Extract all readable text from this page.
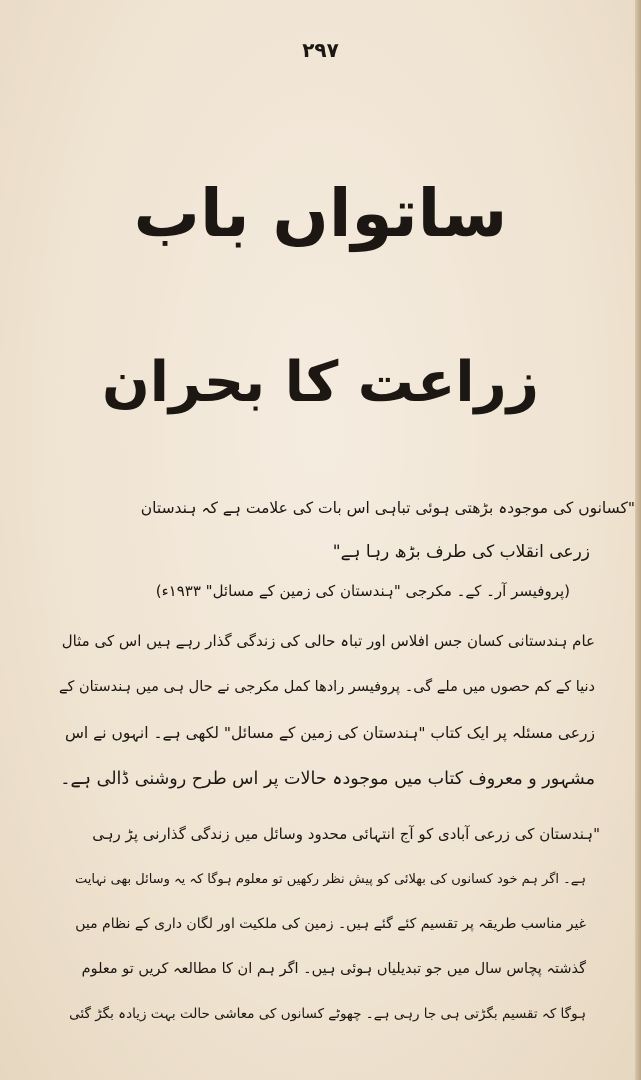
۲۹۷
ساتواں باب
زراعت کا بحران
"کسانوں کی موجودہ بڑھتی ہوئی تباہی اس بات کی علامت ہے کہ ہندستان
زرعی انقلاب کی طرف بڑھ رہا ہے"
(پروفیسر آر۔ کے۔ مکرجی "ہندستان کی زمین کے مسائل" ۱۹۳۳ء)
عام ہندستانی کسان جس افلاس اور تباہ حالی کی زندگی گذار رہے ہیں اس کی مثال
دنیا کے کم حصوں میں ملے گی۔ پروفیسر رادھا کمل مکرجی نے حال ہی میں ہندستان کے
زرعی مسئلہ پر ایک کتاب "ہندستان کی زمین کے مسائل" لکھی ہے۔ انہوں نے اس
مشہور و معروف کتاب میں موجودہ حالات پر اس طرح روشنی ڈالی ہے۔
"ہندستان کی زرعی آبادی کو آج انتہائی محدود وسائل میں زندگی گذارنی پڑ رہی
ہے۔ اگر ہم خود کسانوں کی بھلائی کو پیش نظر رکھیں تو معلوم ہوگا کہ یہ وسائل بھی نہایت
غیر مناسب طریقہ پر تقسیم کئے گئے ہیں۔ زمین کی ملکیت اور لگان داری کے نظام میں
گذشتہ پچاس سال میں جو تبدیلیاں ہوئی ہیں۔ اگر ہم ان کا مطالعہ کریں تو معلوم
ہوگا کہ تقسیم بگڑتی ہی جا رہی ہے۔ چھوٹے کسانوں کی معاشی حالت بہت زیادہ بگڑ گئی
